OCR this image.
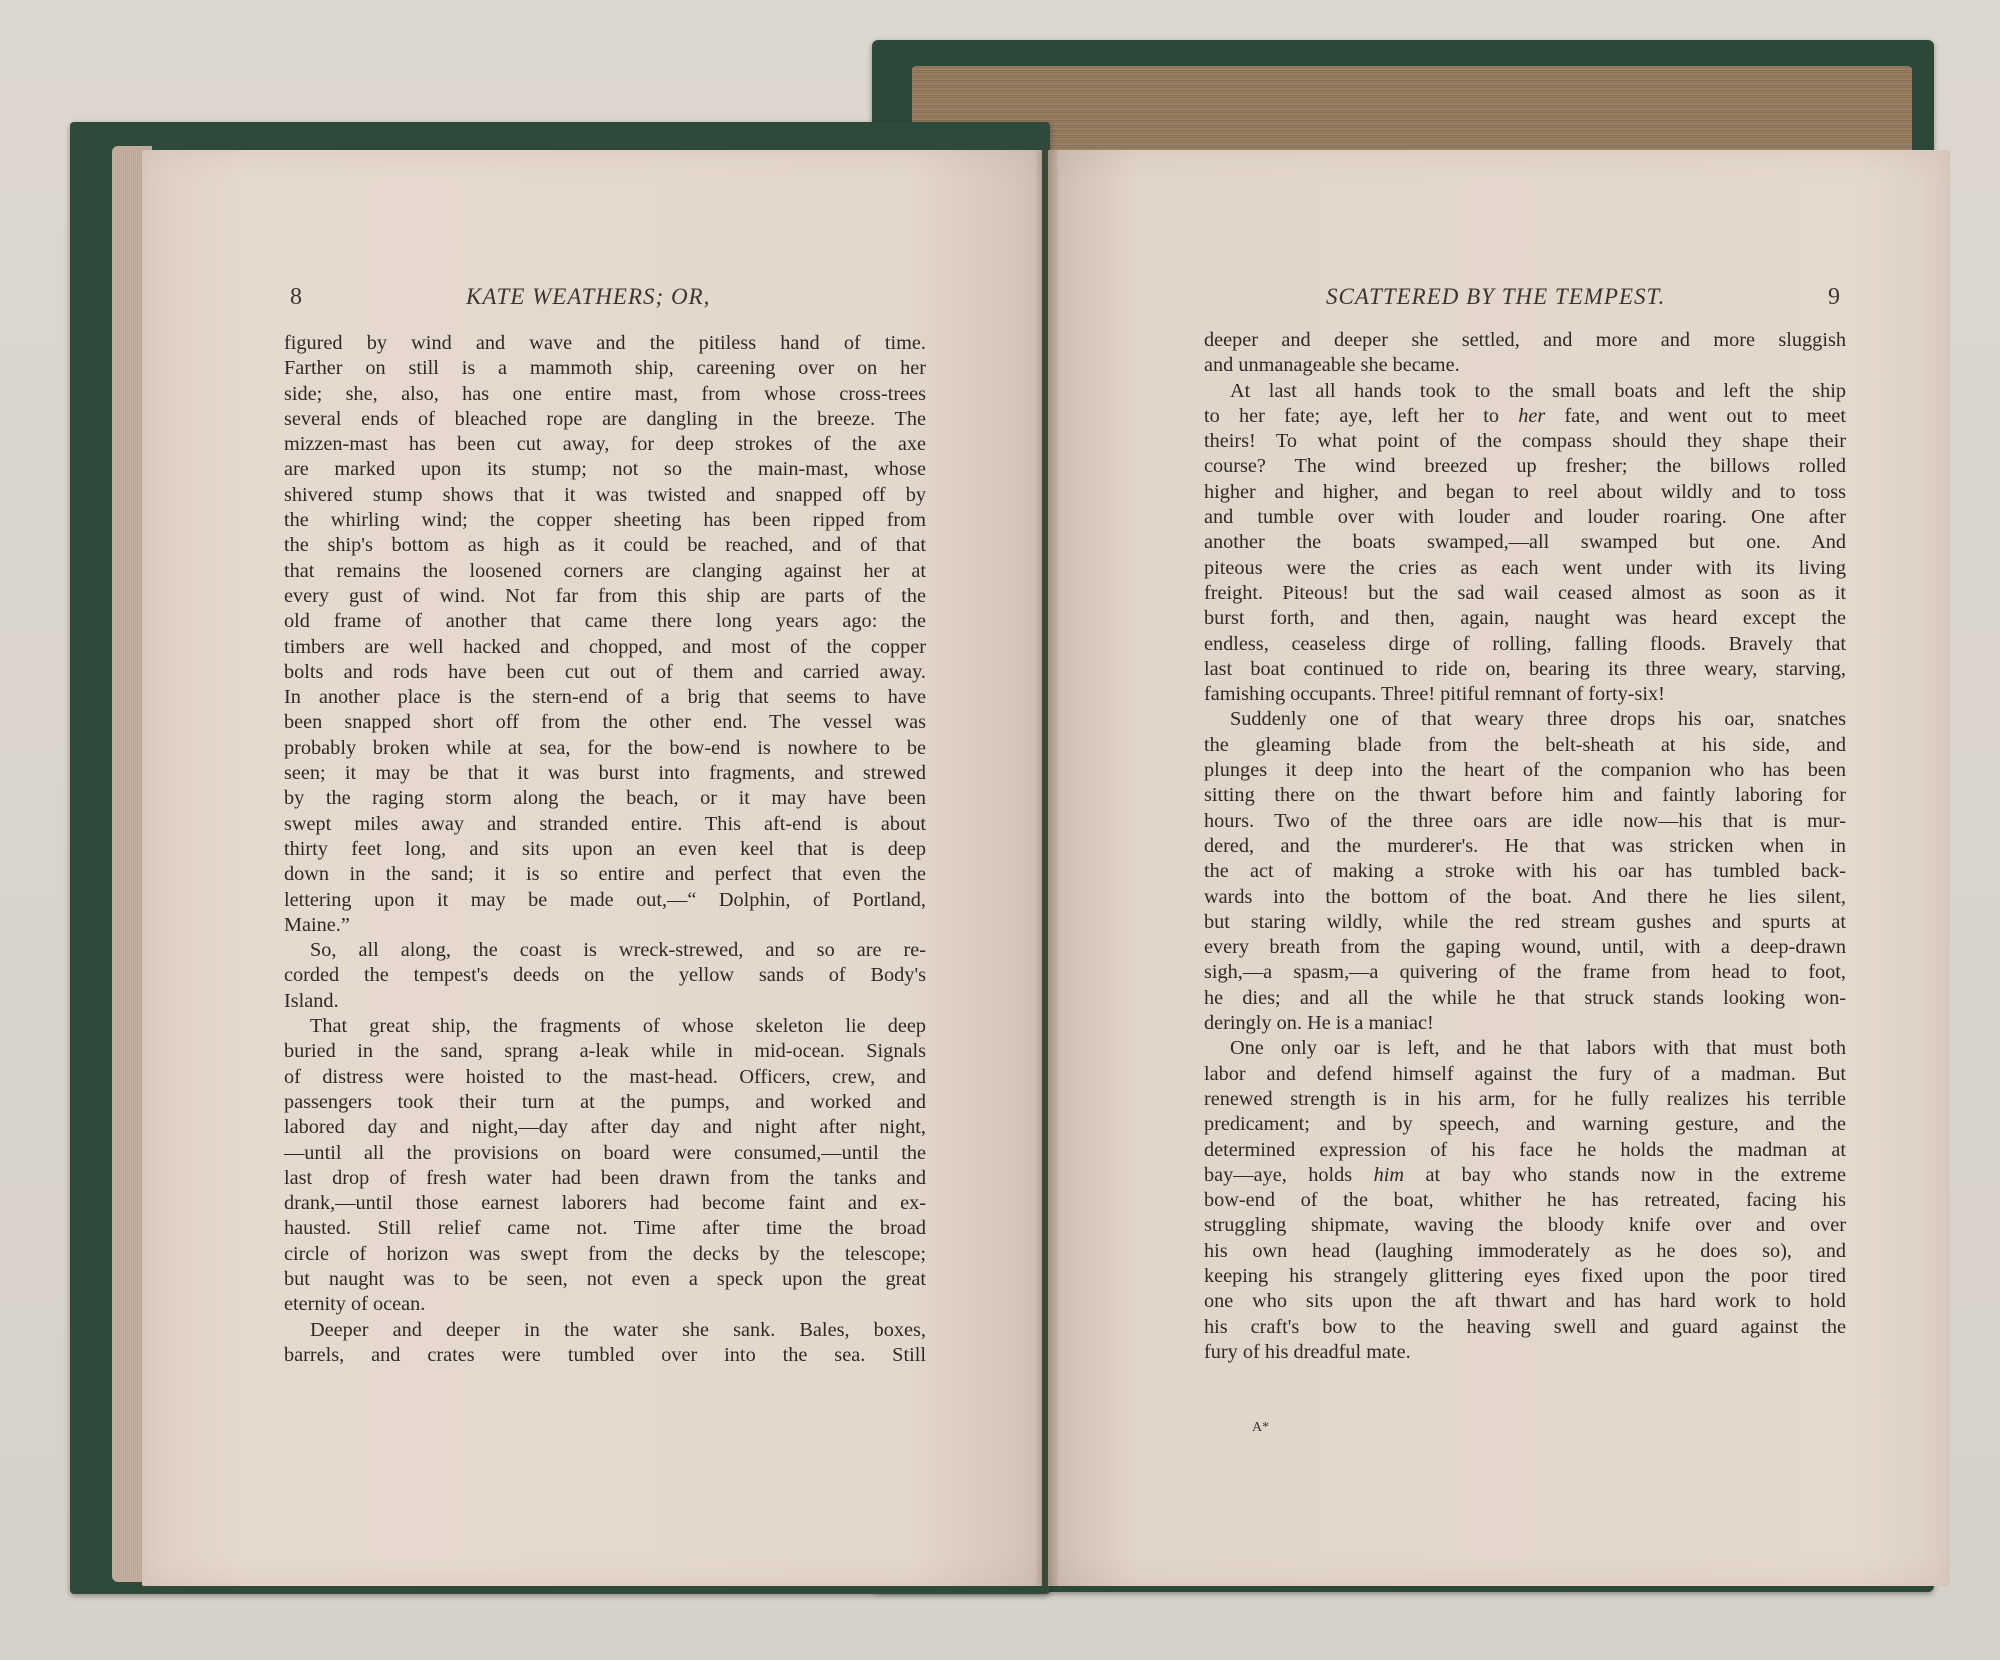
8	KATE WEATHERS; OR,	SCATTERED BY THE TEMPEST.	9
figured by wind and wave and the pitiless hand of time.
Farther on still is a mammoth ship, careening over on her
side; she, also, has one entire mast, from whose cross-trees
several ends of bleached rope are dangling in the breeze. The
mizzen-mast has been cut away, for deep strokes of the axe
are marked upon its stump; not so the main-mast, whose
shivered stump shows that it was twisted and snapped off by
the whirling wind; the copper sheeting has been ripped from
the ship's bottom as high as it could be reached, and of that
that remains the loosened corners are clanging against her at
every gust of wind. Not far from this ship are parts of the
old frame of another that came there long years ago: the
timbers are well hacked and chopped, and most of the copper
bolts and rods have been cut out of them and carried away.
In another place is the stern-end of a brig that seems to have
been snapped short off from the other end. The vessel was
probably broken while at sea, for the bow-end is nowhere to be
seen; it may be that it was burst into fragments, and strewed
by the raging storm along the beach, or it may have been
swept miles away and stranded entire. This aft-end is about
thirty feet long, and sits upon an even keel that is deep
down in the sand; it is so entire and perfect that even the
lettering upon it may be made out,—“ Dolphin, of Portland,
Maine.”
So, all along, the coast is wreck-strewed, and so are re-
corded the tempest's deeds on the yellow sands of Body's
Island.
That great ship, the fragments of whose skeleton lie deep
buried in the sand, sprang a-leak while in mid-ocean. Signals
of distress were hoisted to the mast-head. Officers, crew, and
passengers took their turn at the pumps, and worked and
labored day and night,—day after day and night after night,
—until all the provisions on board were consumed,—until the
last drop of fresh water had been drawn from the tanks and
drank,—until those earnest laborers had become faint and ex-
hausted. Still relief came not. Time after time the broad
circle of horizon was swept from the decks by the telescope;
but naught was to be seen, not even a speck upon the great
eternity of ocean.
Deeper and deeper in the water she sank. Bales, boxes,
barrels, and crates were tumbled over into the sea. Still
deeper and deeper she settled, and more and more sluggish
and unmanageable she became.
At last all hands took to the small boats and left the ship
to her fate; aye, left her to her fate, and went out to meet
theirs! To what point of the compass should they shape their
course? The wind breezed up fresher; the billows rolled
higher and higher, and began to reel about wildly and to toss
and tumble over with louder and louder roaring. One after
another the boats swamped,—all swamped but one. And
piteous were the cries as each went under with its living
freight. Piteous! but the sad wail ceased almost as soon as it
burst forth, and then, again, naught was heard except the
endless, ceaseless dirge of rolling, falling floods. Bravely that
last boat continued to ride on, bearing its three weary, starving,
famishing occupants. Three! pitiful remnant of forty-six!
Suddenly one of that weary three drops his oar, snatches
the gleaming blade from the belt-sheath at his side, and
plunges it deep into the heart of the companion who has been
sitting there on the thwart before him and faintly laboring for
hours. Two of the three oars are idle now—his that is mur-
dered, and the murderer's. He that was stricken when in
the act of making a stroke with his oar has tumbled back-
wards into the bottom of the boat. And there he lies silent,
but staring wildly, while the red stream gushes and spurts at
every breath from the gaping wound, until, with a deep-drawn
sigh,—a spasm,—a quivering of the frame from head to foot,
he dies; and all the while he that struck stands looking won-
deringly on. He is a maniac!
One only oar is left, and he that labors with that must both
labor and defend himself against the fury of a madman. But
renewed strength is in his arm, for he fully realizes his terrible
predicament; and by speech, and warning gesture, and the
determined expression of his face he holds the madman at
bay—aye, holds him at bay who stands now in the extreme
bow-end of the boat, whither he has retreated, facing his
struggling shipmate, waving the bloody knife over and over
his own head (laughing immoderately as he does so), and
keeping his strangely glittering eyes fixed upon the poor tired
one who sits upon the aft thwart and has hard work to hold
his craft's bow to the heaving swell and guard against the
fury of his dreadful mate.
A*
